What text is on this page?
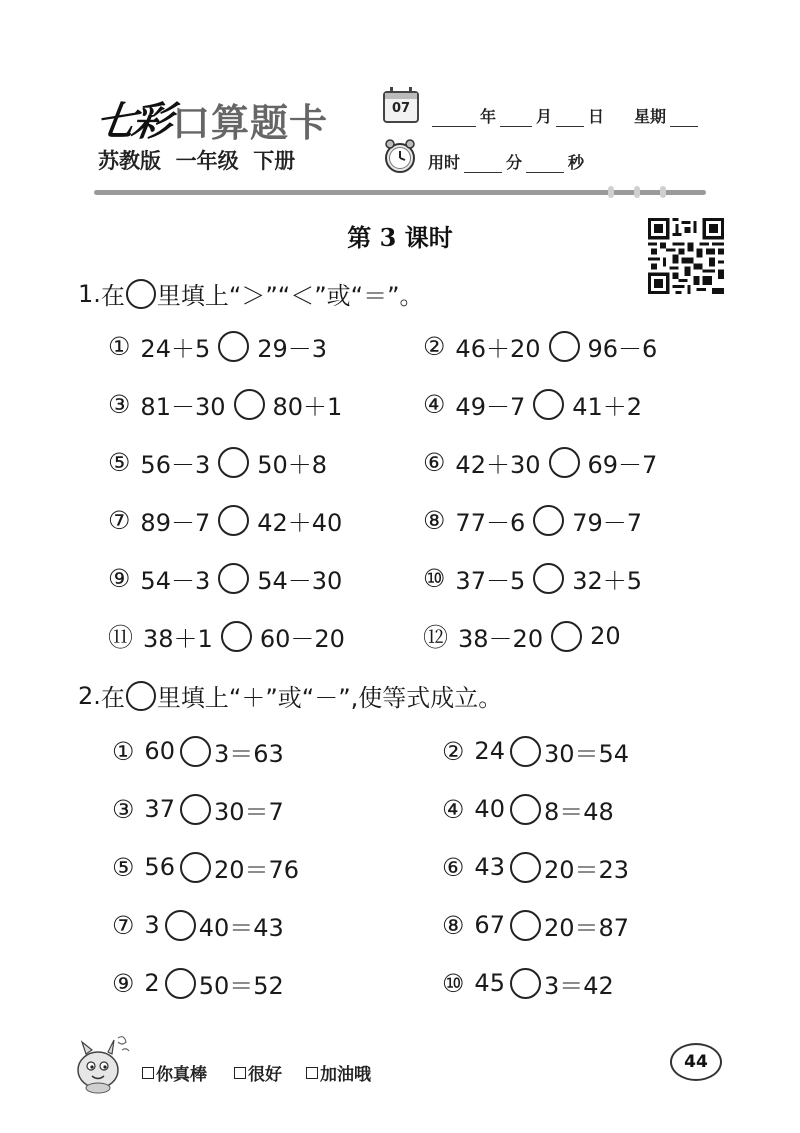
七彩 口算题卡
苏教版 一年级 下册
07	年	月 日 星期
用时	分	秒
第 3 课时
1. 在 里填上“＞”“＜”或“＝”。
① 24＋5 29－3
③ 81－30 80＋1
⑤ 56－3 50＋8
⑦ 89－7 42＋40
⑨ 54－3 54－30
⑪ 38＋1 60－20
② 46＋20 96－6
④ 49－7 41＋2
⑥ 42＋30 69－7
⑧ 77－6 79－7
⑩ 37－5 32＋5
⑫ 38－20 20
2. 在 里填上“＋”或“－”,使等式成立。
① 60 3＝63
③ 37 30＝7
⑤ 56 20＝76
⑦ 3 40＝43
⑨ 2 50＝52
② 24 30＝54
④ 40 8＝48
⑥ 43 20＝23
⑧ 67 20＝87
⑩ 45 3＝42
你真棒 很好 加油哦
44
